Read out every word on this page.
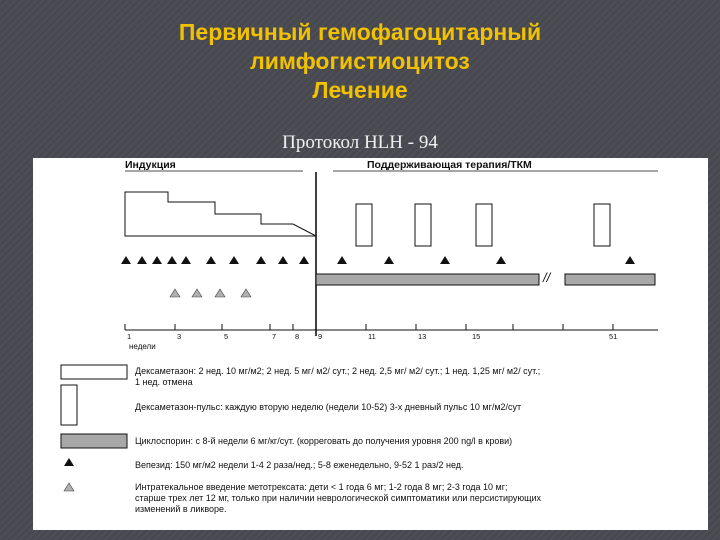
Первичный гемофагоцитарный
лимфогистиоцитоз
Лечение
Протокол HLH - 94
Индукция	Поддерживающая терапия/ТКМ
//
1	3	5	7	8	9	11	13	15	51
недели
Дексаметазон: 2 нед. 10 мг/м2; 2 нед. 5 мг/ м2/ сут.; 2 нед. 2,5 мг/ м2/ сут.; 1 нед. 1,25 мг/ м2/ сут.;
1 нед. отмена
Дексаметазон-пульс: каждую вторую неделю (недели 10-52) 3-х дневный пульс 10 мг/м2/сут
Циклоспорин: с 8-й недели 6 мг/кг/сут. (корреговать до получения уровня 200 ng/l в крови)
Вепезид: 150 мг/м2 недели 1-4 2 раза/нед.; 5-8 еженедельно, 9-52 1 раз/2 нед.
Интратекальное введение метотрексата: дети < 1 года 6 мг; 1-2 года 8 мг; 2-3 года 10 мг;
старше трех лет 12 мг, только при наличии неврологической симптоматики или персистирующих
изменений в ликворе.
